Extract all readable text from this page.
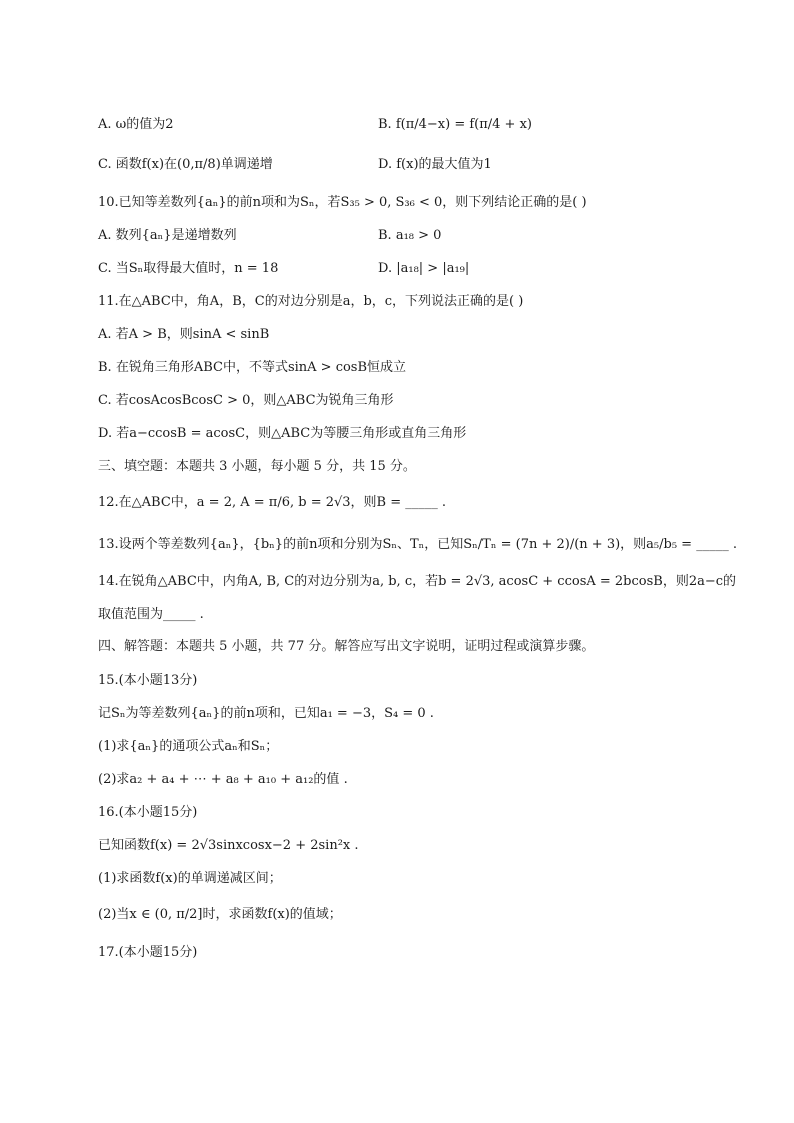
A. ω的值为2	B. f(π/4−x) = f(π/4 + x)
C. 函数f(x)在(0,π/8)单调递增	D. f(x)的最大值为1
10.已知等差数列{aₙ}的前n项和为Sₙ，若S₃₅ > 0, S₃₆ < 0，则下列结论正确的是( )
A. 数列{aₙ}是递增数列	B. a₁₈ > 0
C. 当Sₙ取得最大值时，n = 18	D. |a₁₈| > |a₁₉|
11.在△ABC中，角A，B，C的对边分别是a，b，c，下列说法正确的是( )
A. 若A > B，则sinA < sinB
B. 在锐角三角形ABC中，不等式sinA > cosB恒成立
C. 若cosAcosBcosC > 0，则△ABC为锐角三角形
D. 若a−ccosB = acosC，则△ABC为等腰三角形或直角三角形
三、填空题：本题共 3 小题，每小题 5 分，共 15 分。
12.在△ABC中，a = 2, A = π/6, b = 2√3，则B = _____ .
13.设两个等差数列{aₙ}，{bₙ}的前n项和分别为Sₙ、Tₙ，已知Sₙ/Tₙ = (7n + 2)/(n + 3)，则a₅/b₅ = _____ .
14.在锐角△ABC中，内角A, B, C的对边分别为a, b, c，若b = 2√3, acosC + ccosA = 2bcosB，则2a−c的
取值范围为_____ .
四、解答题：本题共 5 小题，共 77 分。解答应写出文字说明，证明过程或演算步骤。
15.(本小题13分)
记Sₙ为等差数列{aₙ}的前n项和，已知a₁ = −3，S₄ = 0 .
(1)求{aₙ}的通项公式aₙ和Sₙ；
(2)求a₂ + a₄ + ⋯ + a₈ + a₁₀ + a₁₂的值 .
16.(本小题15分)
已知函数f(x) = 2√3sinxcosx−2 + 2sin²x .
(1)求函数f(x)的单调递减区间；
(2)当x ∈ (0, π/2]时，求函数f(x)的值域；
17.(本小题15分)
